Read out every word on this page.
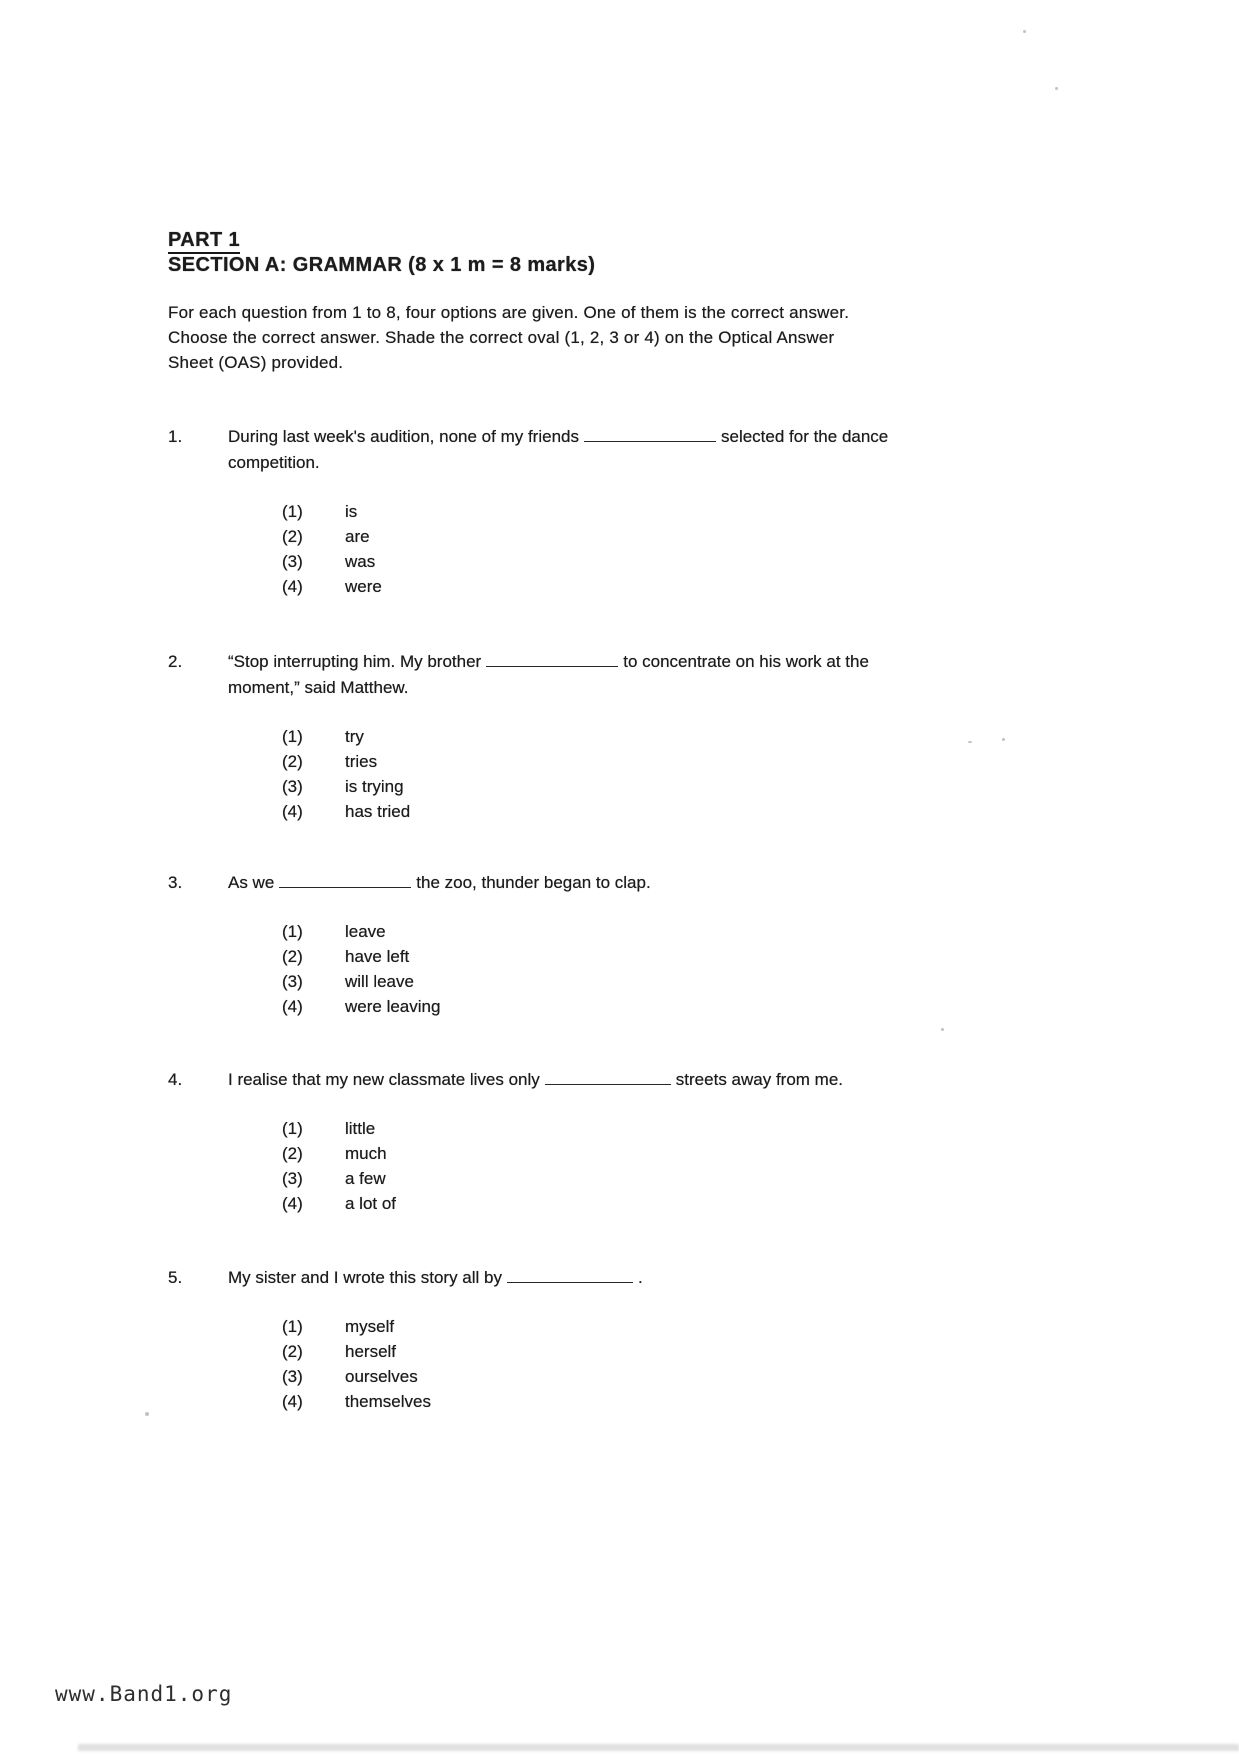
PART 1
SECTION A: GRAMMAR (8 x 1 m = 8 marks)
For each question from 1 to 8, four options are given. One of them is the correct answer.
Choose the correct answer. Shade the correct oval (1, 2, 3 or 4) on the Optical Answer
Sheet (OAS) provided.
1.	During last week's audition, none of my friends	selected for the dance competition.

(1) is
(2) are
(3) was
(4) were
2.	“Stop interrupting him. My brother	to concentrate on his work at the moment,” said Matthew.

(1) try
(2) tries
(3) is trying
(4) has tried
3.	As we	the zoo, thunder began to clap.

(1) leave
(2) have left
(3) will leave
(4) were leaving
4.	I realise that my new classmate lives only	streets away from me.

(1) little
(2) much
(3) a few
(4) a lot of
5.	My sister and I wrote this story all by	.

(1) myself
(2) herself
(3) ourselves
(4) themselves
www.Band1.org
